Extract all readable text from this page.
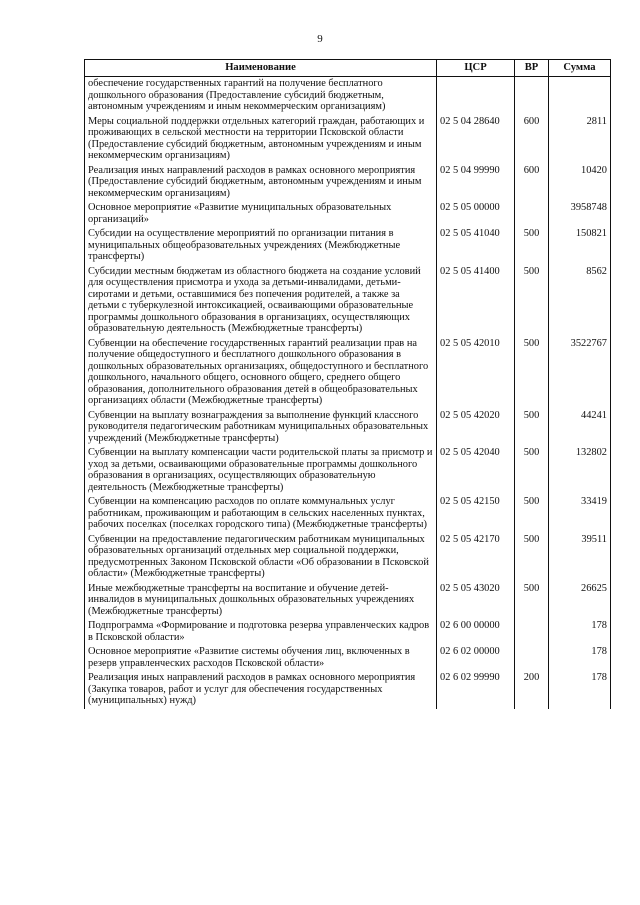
9
Наименование	ЦСР	ВР	Сумма
обеспечение государственных гарантий на получение бесплатного дошкольного образования (Предоставление субсидий бюджетным, автономным учреждениям и иным некоммерческим организациям)			
Меры социальной поддержки отдельных категорий граждан, работающих и проживающих в сельской местности на территории Псковской области (Предоставление субсидий бюджетным, автономным учреждениям и иным некоммерческим организациям)	02 5 04 28640	600	2811
Реализация иных направлений расходов в рамках основного мероприятия (Предоставление субсидий бюджетным, автономным учреждениям и иным некоммерческим организациям)	02 5 04 99990	600	10420
Основное мероприятие «Развитие муниципальных образовательных организаций»	02 5 05 00000		3958748
Субсидии на осуществление мероприятий по организации питания в муниципальных общеобразовательных учреждениях (Межбюджетные трансферты)	02 5 05 41040	500	150821
Субсидии местным бюджетам из областного бюджета на создание условий для осуществления присмотра и ухода за детьми-инвалидами, детьми-сиротами и детьми, оставшимися без попечения родителей, а также за детьми с туберкулезной интоксикацией, осваивающими образовательные программы дошкольного образования в организациях, осуществляющих образовательную деятельность (Межбюджетные трансферты)	02 5 05 41400	500	8562
Субвенции на обеспечение государственных гарантий реализации прав на получение общедоступного и бесплатного дошкольного образования в дошкольных образовательных организациях, общедоступного и бесплатного дошкольного, начального общего, основного общего, среднего общего образования, дополнительного образования детей в общеобразовательных организациях области (Межбюджетные трансферты)	02 5 05 42010	500	3522767
Субвенции на выплату вознаграждения за выполнение функций классного руководителя педагогическим работникам муниципальных образовательных учреждений (Межбюджетные трансферты)	02 5 05 42020	500	44241
Субвенции на выплату компенсации части родительской платы за присмотр и уход за детьми, осваивающими образовательные программы дошкольного образования в организациях, осуществляющих образовательную деятельность (Межбюджетные трансферты)	02 5 05 42040	500	132802
Субвенции на компенсацию расходов по оплате коммунальных услуг работникам, проживающим и работающим в сельских населенных пунктах, рабочих поселках (поселках городского типа) (Межбюджетные трансферты)	02 5 05 42150	500	33419
Субвенции на предоставление педагогическим работникам муниципальных образовательных организаций отдельных мер социальной поддержки, предусмотренных Законом Псковской области «Об образовании в Псковской области» (Межбюджетные трансферты)	02 5 05 42170	500	39511
Иные межбюджетные трансферты на воспитание и обучение детей-инвалидов в муниципальных дошкольных образовательных учреждениях (Межбюджетные трансферты)	02 5 05 43020	500	26625
Подпрограмма «Формирование и подготовка резерва управленческих кадров в Псковской области»	02 6 00 00000		178
Основное мероприятие «Развитие системы обучения лиц, включенных в резерв управленческих расходов Псковской области»	02 6 02 00000		178
Реализация иных направлений расходов в рамках основного мероприятия (Закупка товаров, работ и услуг для обеспечения государственных (муниципальных) нужд)	02 6 02 99990	200	178
